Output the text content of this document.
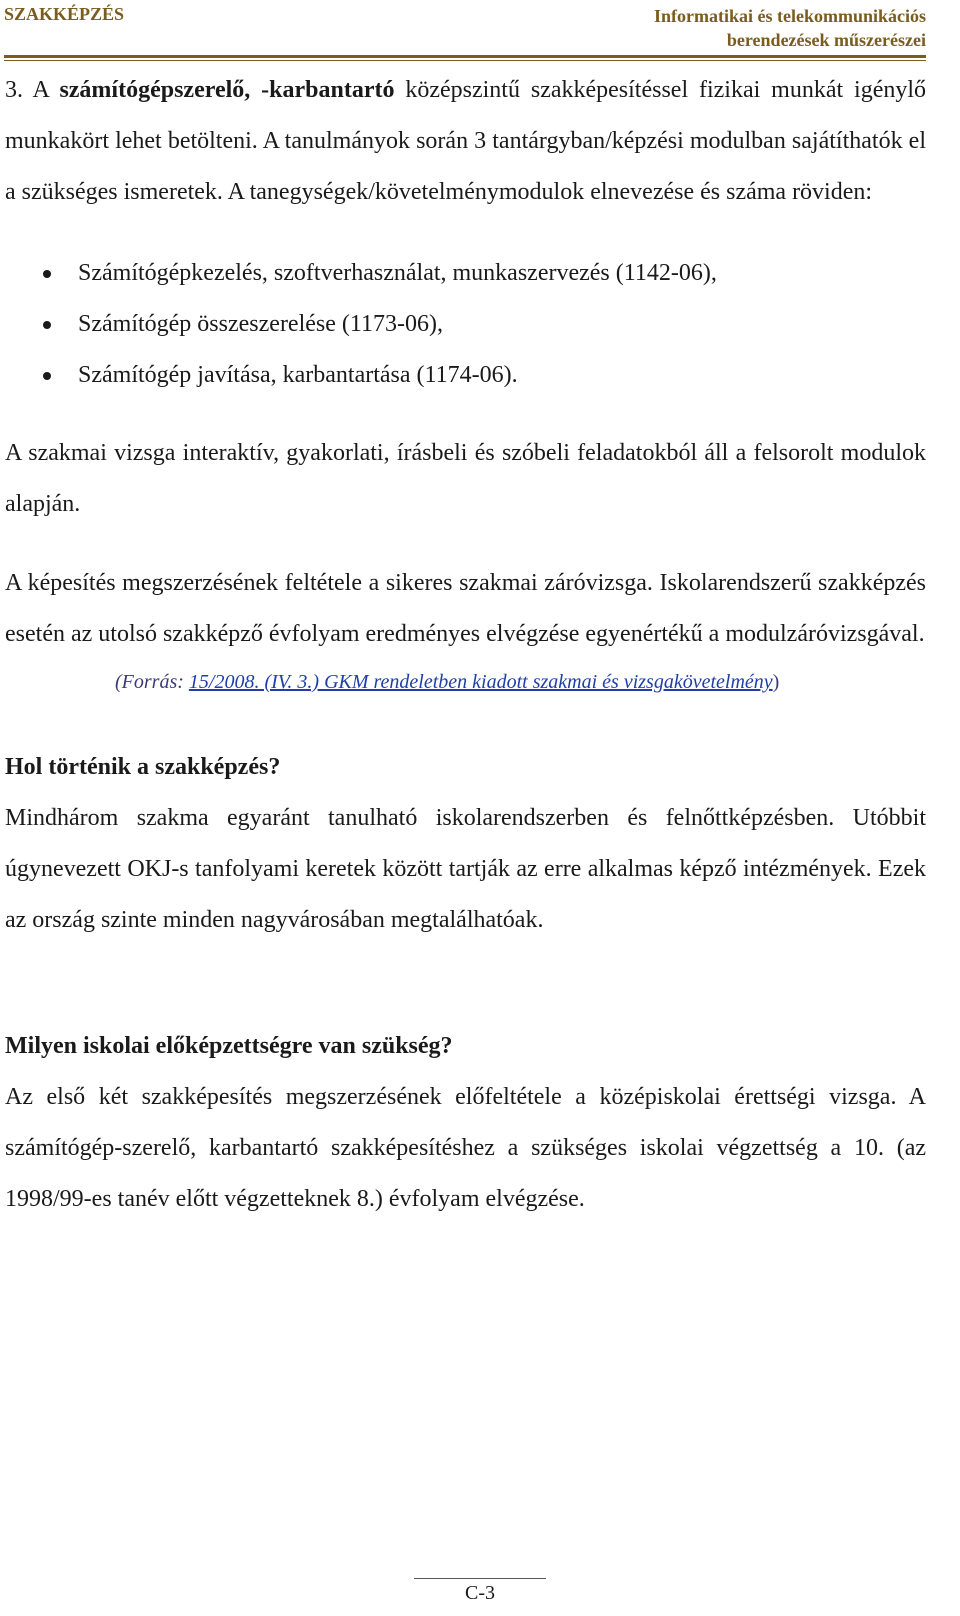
SZAKKÉPZÉS	Informatikai és telekommunikációs
berendezések műszerészei

3. A számítógépszerelő, -karbantartó középszintű szakképesítéssel fizikai munkát igénylő munkakört lehet betölteni. A tanulmányok során 3 tantárgyban/képzési modulban sajátíthatók el a szükséges ismeretek. A tanegységek/követelménymodulok elnevezése és száma röviden:

Számítógépkezelés, szoftverhasználat, munkaszervezés (1142-06),
Számítógép összeszerelése (1173-06),
Számítógép javítása, karbantartása (1174-06).

A szakmai vizsga interaktív, gyakorlati, írásbeli és szóbeli feladatokból áll a felsorolt modulok alapján.

A képesítés megszerzésének feltétele a sikeres szakmai záróvizsga. Iskolarendszerű szakképzés esetén az utolsó szakképző évfolyam eredményes elvégzése egyenértékű a modulzáróvizsgával.

(Forrás: 15/2008. (IV. 3.) GKM rendeletben kiadott szakmai és vizsgakövetelmény)
Hol történik a szakképzés?

Mindhárom szakma egyaránt tanulható iskolarendszerben és felnőttképzésben. Utóbbit úgynevezett OKJ-s tanfolyami keretek között tartják az erre alkalmas képző intézmények. Ezek az ország szinte minden nagyvárosában megtalálhatóak.

Milyen iskolai előképzettségre van szükség?

Az első két szakképesítés megszerzésének előfeltétele a középiskolai érettségi vizsga. A számítógép-szerelő, karbantartó szakképesítéshez a szükséges iskolai végzettség a 10. (az 1998/99-es tanév előtt végzetteknek 8.) évfolyam elvégzése.

C-3
